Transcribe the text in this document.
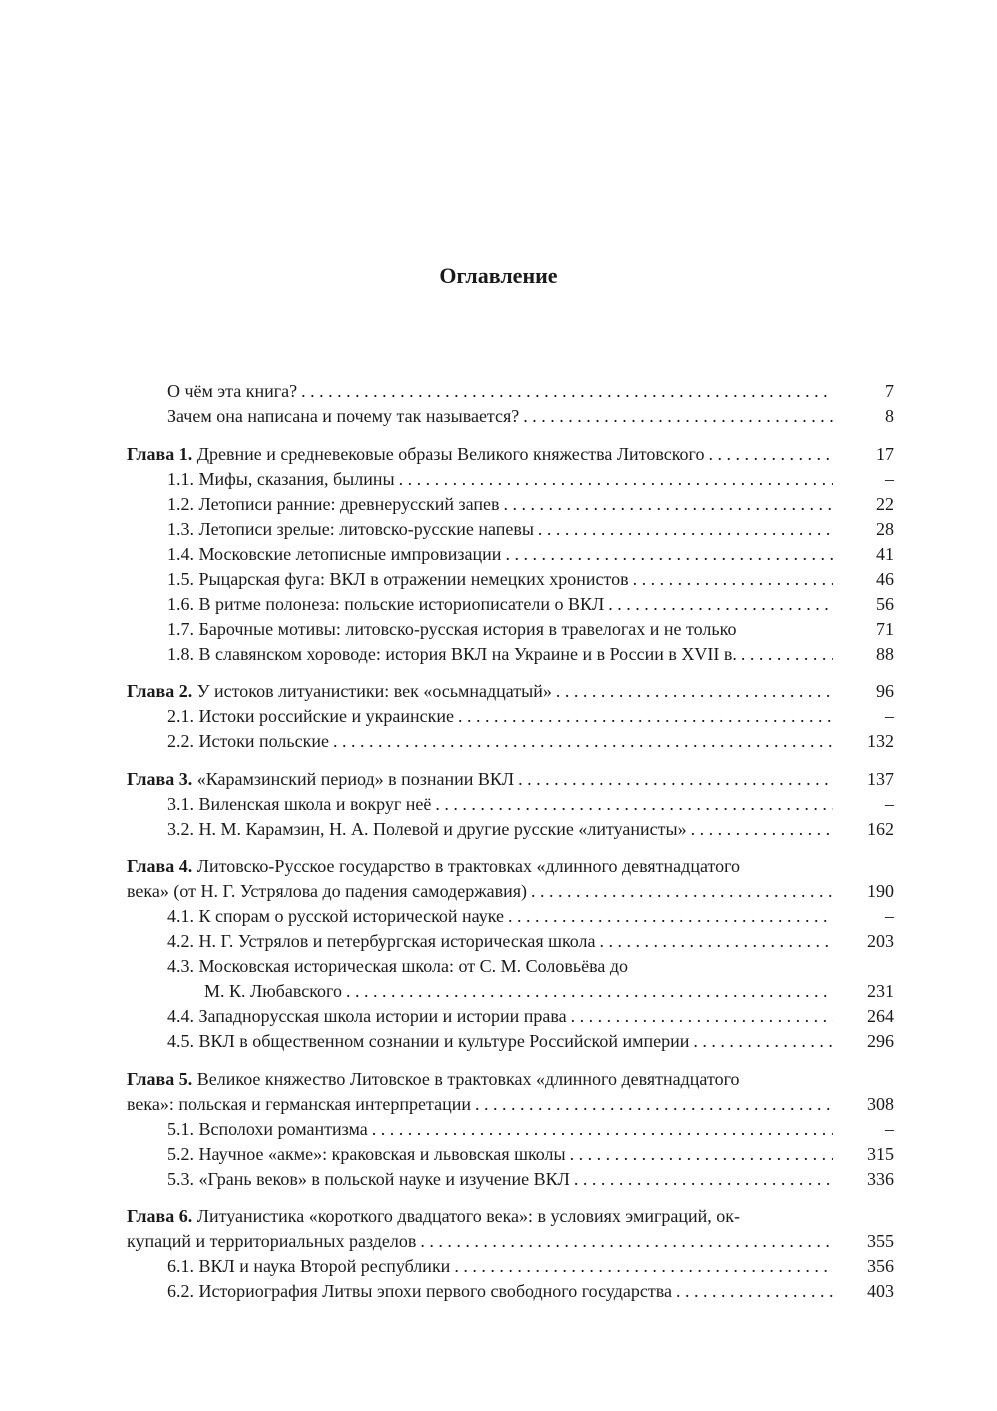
Оглавление
О чём эта книга? . . .	7
Зачем она написана и почему так называется? . . .	8
Глава 1. Древние и средневековые образы Великого княжества Литовского . . .	17
1.1. Мифы, сказания, былины . . .	–
1.2. Летописи ранние: древнерусский запев . . .	22
1.3. Летописи зрелые: литовско-русские напевы . . .	28
1.4. Московские летописные импровизации . . .	41
1.5. Рыцарская фуга: ВКЛ в отражении немецких хронистов . . .	46
1.6. В ритме полонеза: польские историописатели о ВКЛ . . .	56
1.7. Барочные мотивы: литовско-русская история в травелогах и не только	71
1.8. В славянском хороводе: история ВКЛ на Украине и в России в XVII в. . . .	88
Глава 2. У истоков литуанистики: век «осьмнадцатый» . . .	96
2.1. Истоки российские и украинские . . .	–
2.2. Истоки польские . . .	132
Глава 3. «Карамзинский период» в познании ВКЛ . . .	137
3.1. Виленская школа и вокруг неё . . .	–
3.2. Н. М. Карамзин, Н. А. Полевой и другие русские «литуанисты» . . .	162
Глава 4. Литовско-Русское государство в трактовках «длинного девятнадцатого
века» (от Н. Г. Устрялова до падения самодержавия) . . .	190
4.1. К спорам о русской исторической науке . . .	–
4.2. Н. Г. Устрялов и петербургская историческая школа . . .	203
4.3. Московская историческая школа: от С. М. Соловьёва до
М. К. Любавского . . .	231
4.4. Западнорусская школа истории и истории права . . .	264
4.5. ВКЛ в общественном сознании и культуре Российской империи . . .	296
Глава 5. Великое княжество Литовское в трактовках «длинного девятнадцатого
века»: польская и германская интерпретации . . .	308
5.1. Всполохи романтизма . . .	–
5.2. Научное «акме»: краковская и львовская школы . . .	315
5.3. «Грань веков» в польской науке и изучение ВКЛ . . .	336
Глава 6. Литуанистика «короткого двадцатого века»: в условиях эмиграций, ок-
купаций и территориальных разделов . . .	355
6.1. ВКЛ и наука Второй республики . . .	356
6.2. Историография Литвы эпохи первого свободного государства . . .	403
